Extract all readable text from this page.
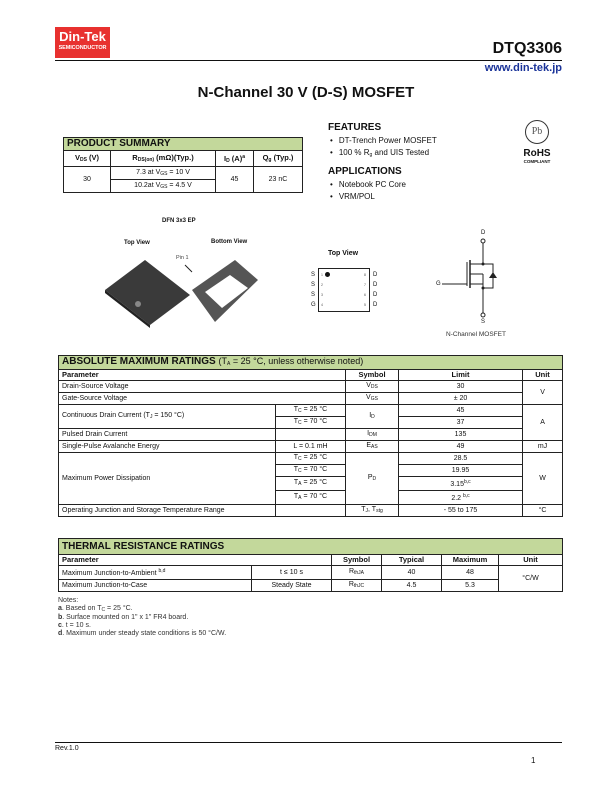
Din-Tek
SEMICONDUCTOR	DTQ3306
www.din-tek.jp
N-Channel 30 V (D-S) MOSFET
PRODUCT SUMMARY			
$V_{DS}$ (V)	$R_{DS(on)}$ (mΩ)(Typ.)	$I_D$ $(A)^a$	$Q_g$ (Typ.)
30	7.3 at $V_{GS} = 10$ V	45	23 nC
	10.2at $V_{GS} = 4.5$ V		
FEATURES
• DT-Trench Power MOSFET
• 100 % $R_g$ and UIS Tested
APPLICATIONS
• Notebook PC Core
• VRM/POL
Pb
RoHS
COMPLIANT
DFN 3x3 EP
Top View	Bottom View
Pin 1
Top View
S
S
S
G
1
2
3
4
8
7
6
5
D
D
D
D
D
G
S
N-Channel MOSFET
ABSOLUTE MAXIMUM RATINGS ($T_A = 25$ °C, unless otherwise noted)				
Parameter		Symbol	Limit	Unit
Drain-Source Voltage		$V_{DS}$	30	V
Gate-Source Voltage		$V_{GS}$	± 20	
Continuous Drain Current ($T_J = 150$ °C)	$T_C = 25$ °C	$I_D$	45	A
	$T_C = 70$ °C		37	
Pulsed Drain Current		$I_{DM}$	135	
Single-Pulse Avalanche Energy	L = 0.1 mH	$E_{AS}$	49	mJ
Maximum Power Dissipation	$T_C = 25$ °C	$P_D$	28.5	W
	$T_C = 70$ °C		19.95	
	$T_A = 25$ °C		3.15$^{b,c}$
	$T_A = 70$ °C		2.2 $^{b,c}$
Operating Junction and Storage Temperature Range		$T_J$, $T_{stg}$	- 55 to 175	°C
THERMAL RESISTANCE RATINGS					
Parameter		Symbol	Typical	Maximum	Unit
Maximum Junction-to-Ambient $^{b,d}$	t ≤ 10 s	$R_{thJA}$	40	48	°C/W
Maximum Junction-to-Case	Steady State	$R_{thJC}$	4.5	5.3	
Notes:
a. Based on $T_C = 25$ °C.
b. Surface mounted on 1" x 1" FR4 board.
c. t = 10 s.
d. Maximum under steady state conditions is 50 °C/W.
Rev.1.0
1
